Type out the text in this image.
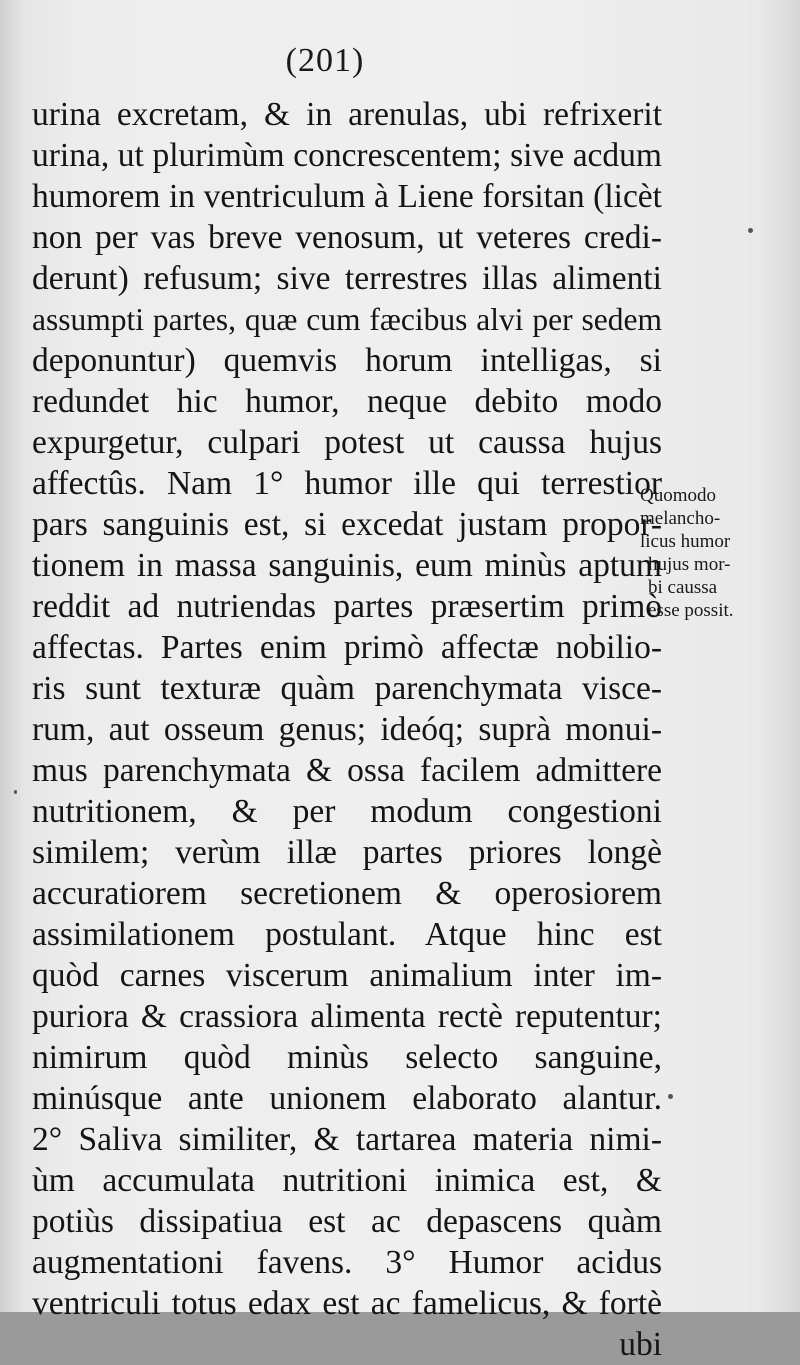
(201)
urina excretam, & in arenulas, ubi refrixerit
urina, ut plurimùm concrescentem; sive acdum
humorem in ventriculum à Liene forsitan (licèt
non per vas breve venosum, ut veteres credi-
derunt) refusum; sive terrestres illas alimenti
assumpti partes, quæ cum fæcibus alvi per sedem
deponuntur) quemvis horum intelligas, si
redundet hic humor, neque debito modo
expurgetur, culpari potest ut caussa hujus
affectûs. Nam 1° humor ille qui terrestior
pars sanguinis est, si excedat justam propor-
tionem in massa sanguinis, eum minùs aptum
reddit ad nutriendas partes præsertim primò
affectas. Partes enim primò affectæ nobilio-
ris sunt texturæ quàm parenchymata visce-
rum, aut osseum genus; ideóq; suprà monui-
mus parenchymata & ossa facilem admittere
nutritionem, & per modum congestioni
similem; verùm illæ partes priores longè
accuratiorem secretionem & operosiorem
assimilationem postulant. Atque hinc est
quòd carnes viscerum animalium inter im-
puriora & crassiora alimenta rectè reputentur;
nimirum quòd minùs selecto sanguine,
minúsque ante unionem elaborato alantur.
2° Saliva similiter, & tartarea materia nimi-
ùm accumulata nutritioni inimica est, &
potiùs dissipatiua est ac depascens quàm
augmentationi favens. 3° Humor acidus
ventriculi totus edax est ac famelicus, & fortè
ubi
Quomodo
melancho-
licus humor
hujus mor-
bi caussa
esse possit.
